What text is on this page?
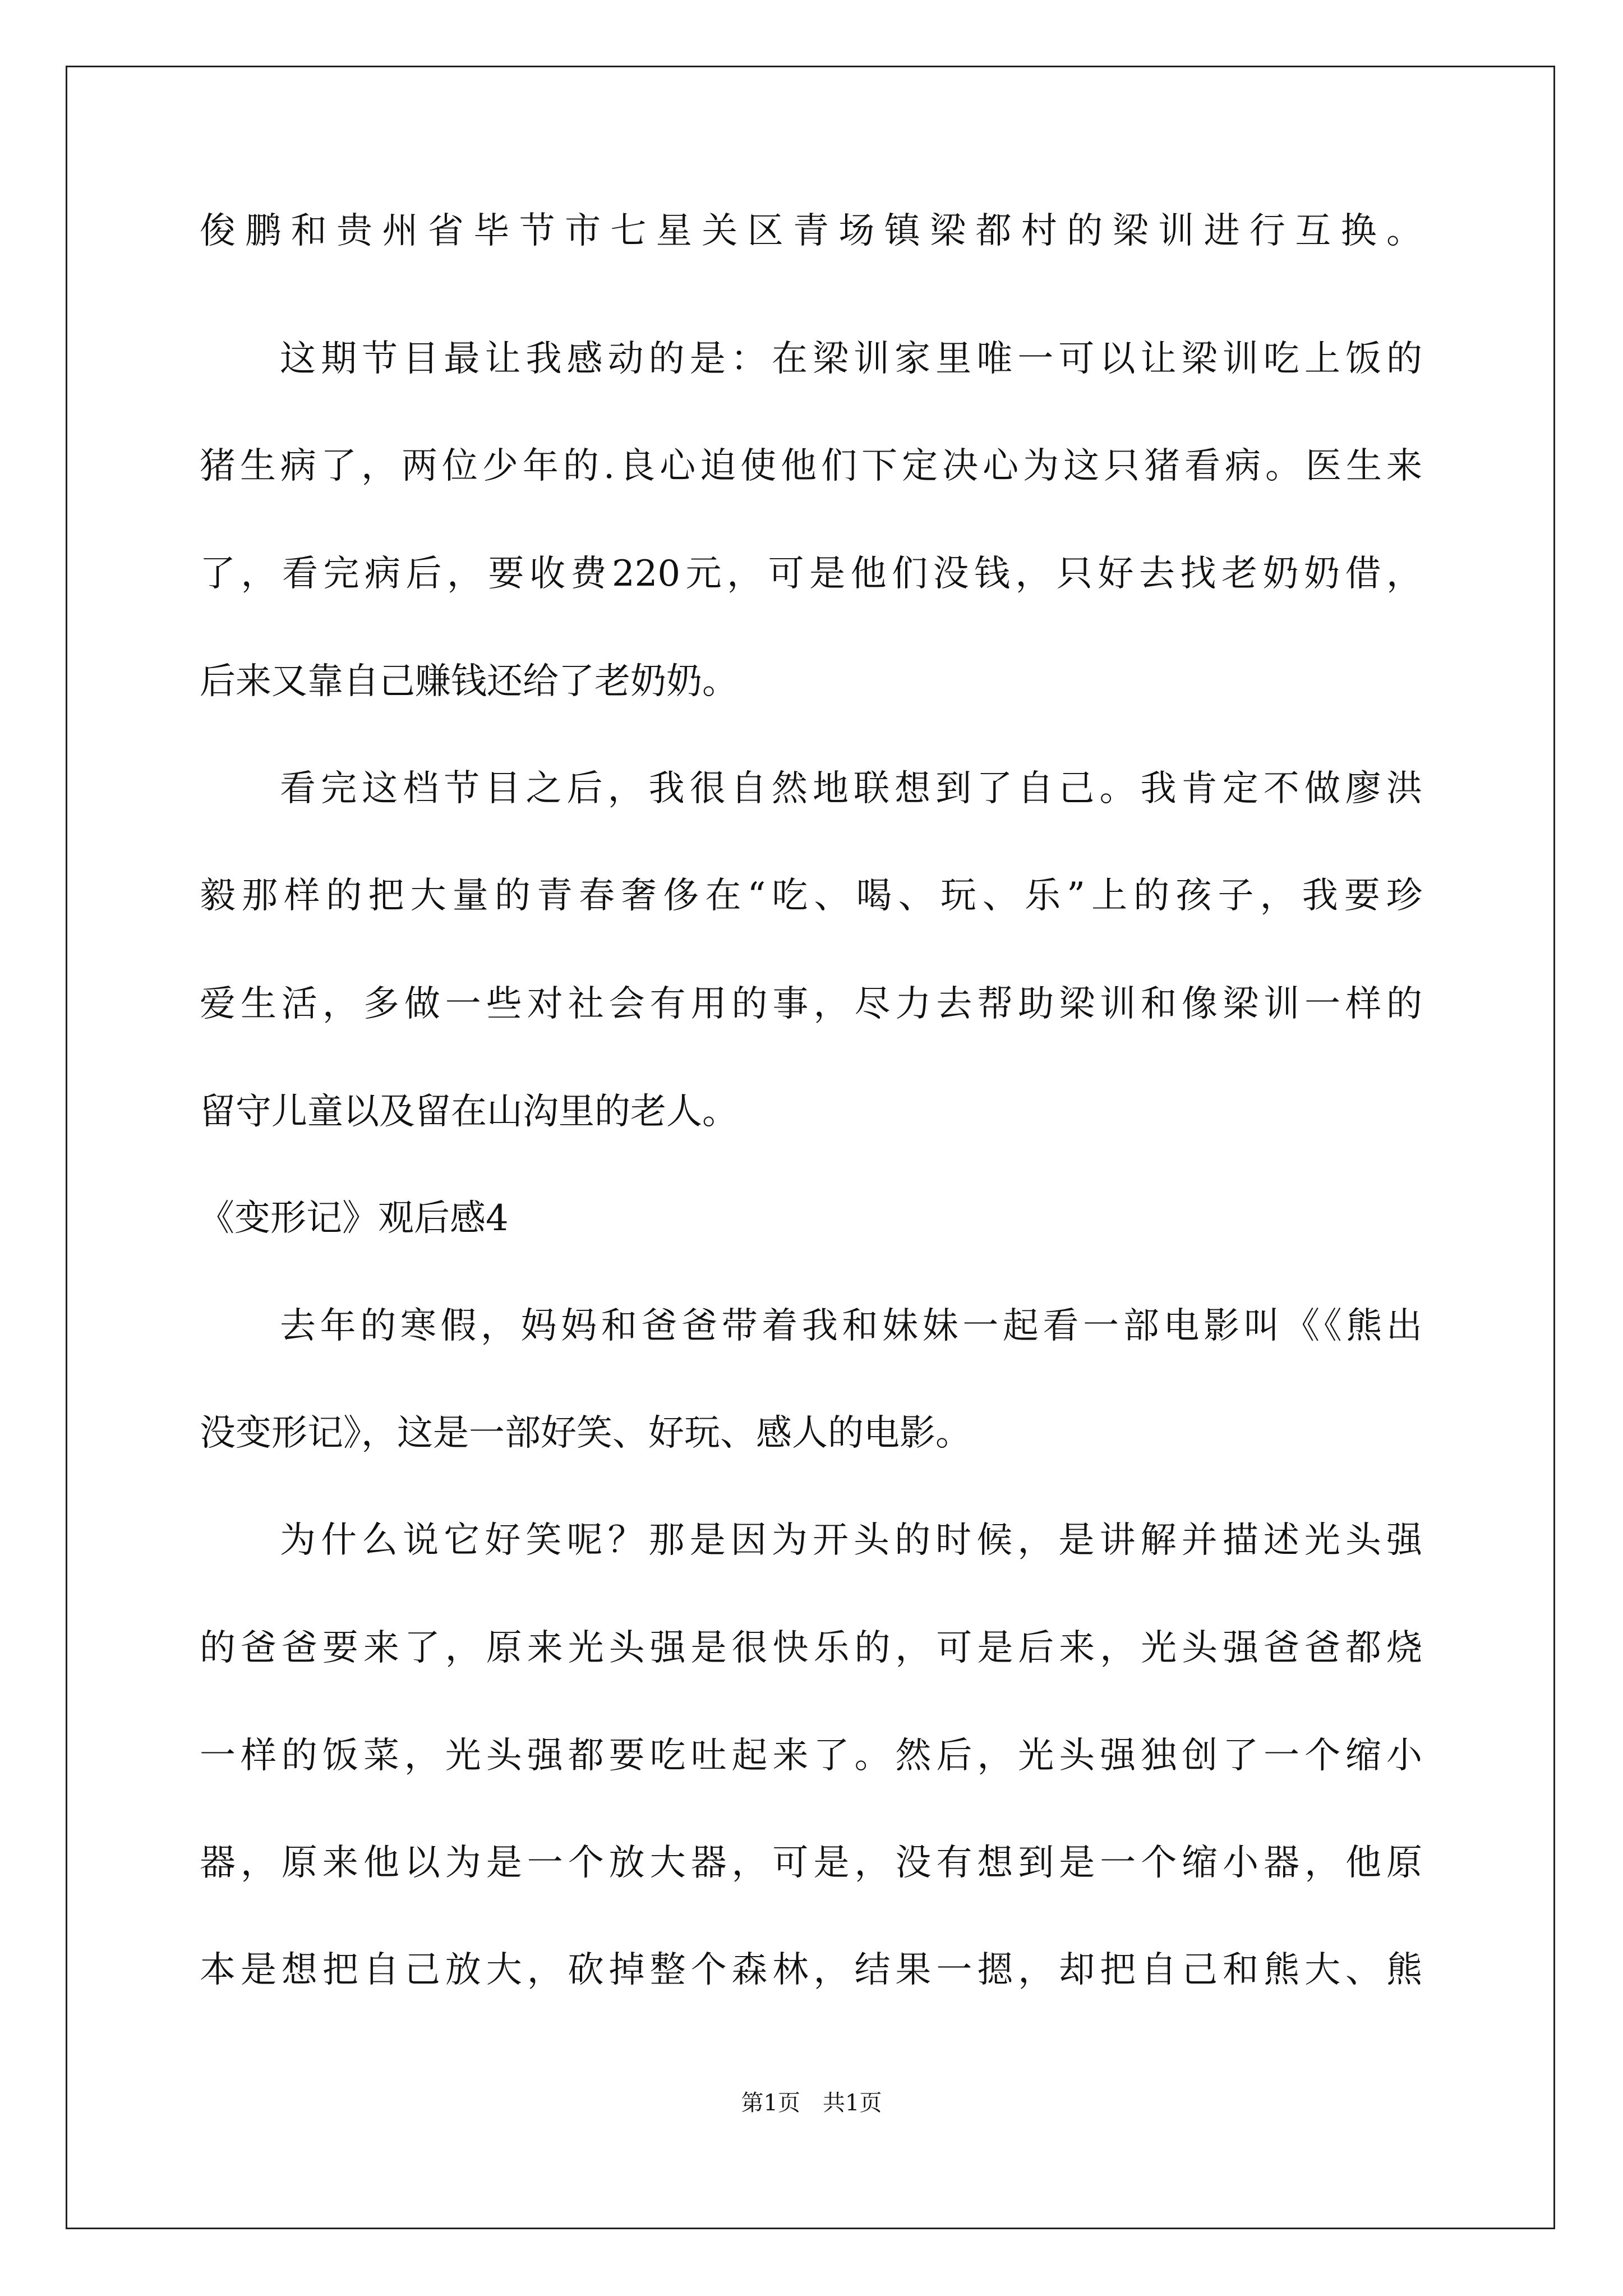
俊鹏和贵州省毕节市七星关区青场镇梁都村的梁训进行互换。
这期节目最让我感动的是：在梁训家里唯一可以让梁训吃上饭的
猪生病了，两位少年的.良心迫使他们下定决心为这只猪看病。医生来
了，看完病后，要收费220元，可是他们没钱，只好去找老奶奶借，
后来又靠自己赚钱还给了老奶奶。
看完这档节目之后，我很自然地联想到了自己。我肯定不做廖洪
毅那样的把大量的青春奢侈在“吃、喝、玩、乐”上的孩子，我要珍
爱生活，多做一些对社会有用的事，尽力去帮助梁训和像梁训一样的
留守儿童以及留在山沟里的老人。
《变形记》观后感4
去年的寒假，妈妈和爸爸带着我和妹妹一起看一部电影叫《《熊出
没变形记》，这是一部好笑、好玩、感人的电影。
为什么说它好笑呢？那是因为开头的时候，是讲解并描述光头强
的爸爸要来了，原来光头强是很快乐的，可是后来，光头强爸爸都烧
一样的饭菜，光头强都要吃吐起来了。然后，光头强独创了一个缩小
器，原来他以为是一个放大器，可是，没有想到是一个缩小器，他原
本是想把自己放大，砍掉整个森林，结果一摁，却把自己和熊大、熊
第1页　共1页
